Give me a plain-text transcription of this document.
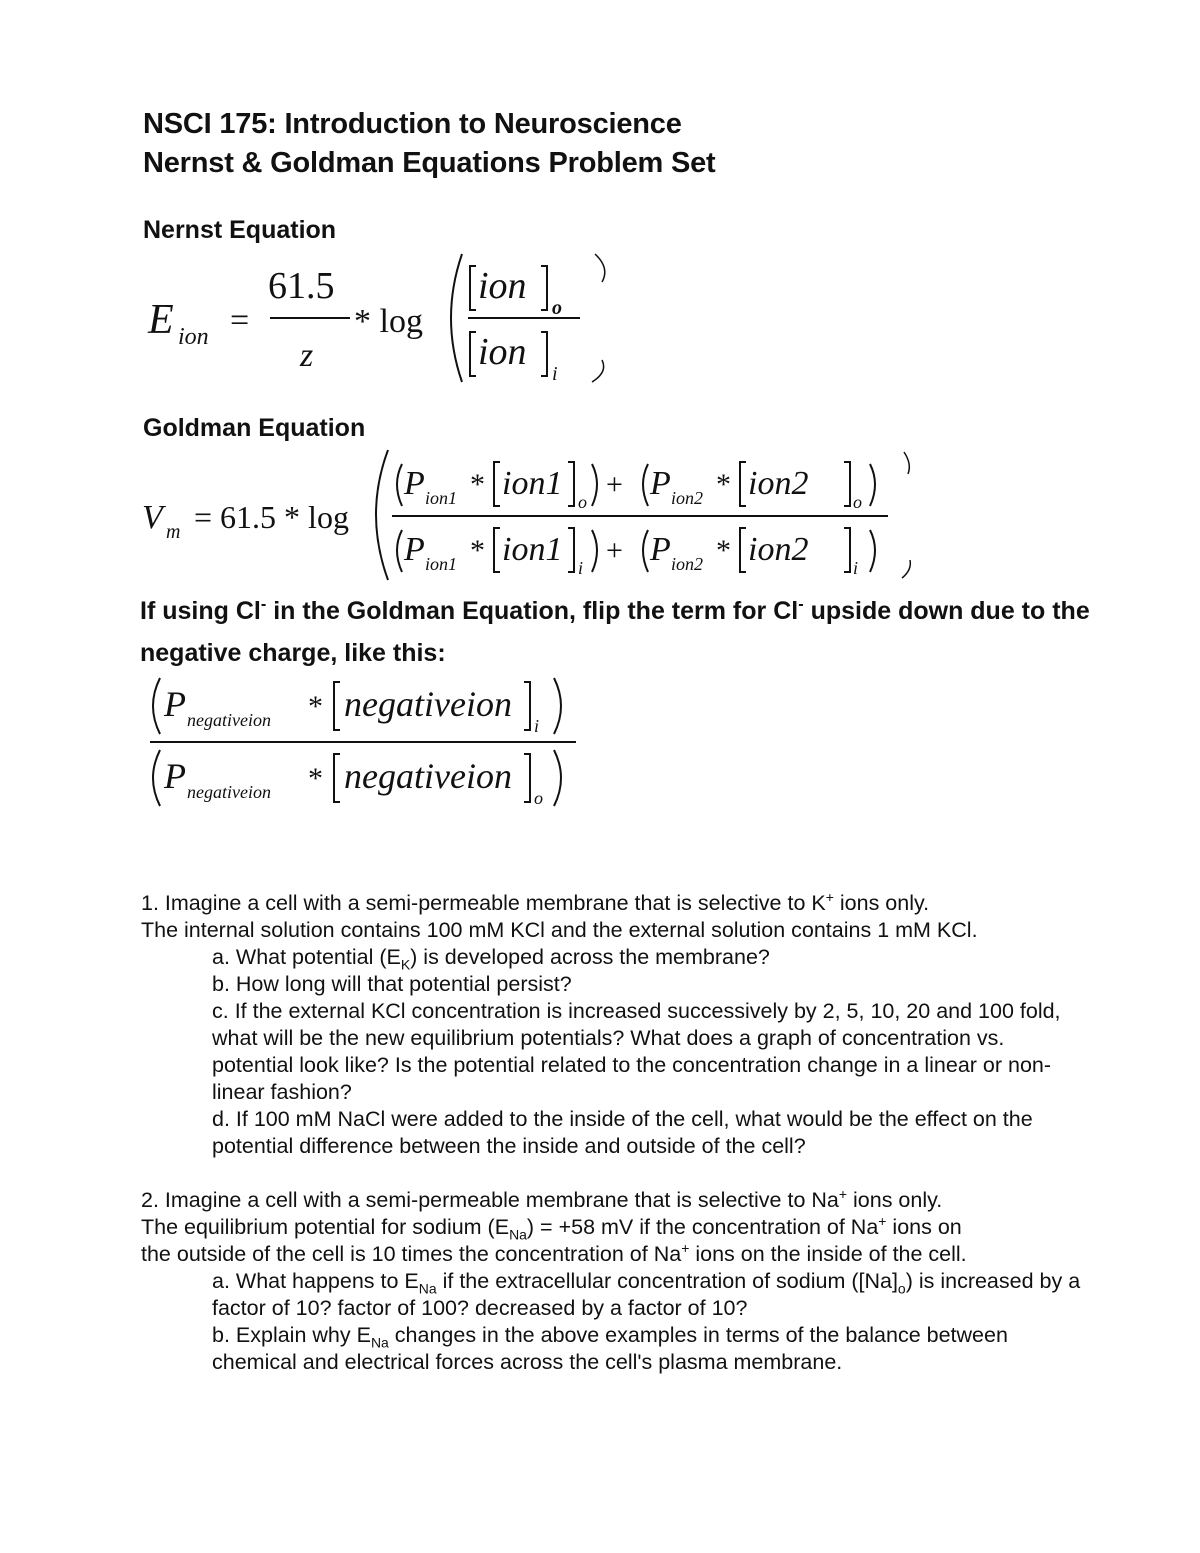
NSCI 175: Introduction to Neuroscience
Nernst & Goldman Equations Problem Set
Nernst Equation
E ion =
61.5
z
* log
ion
o
ion
i
Goldman Equation
V m = 61.5 * log
P ion1 * ion1 o
+ P ion2 * ion2 o
P ion1 * ion1 i
+ P ion2 * ion2 i
If using Cl- in the Goldman Equation, flip the term for Cl- upside down due to the negative charge, like this:
P negativeion * negativeion
i
P negativeion * negativeion
o

1. Imagine a cell with a semi-permeable membrane that is selective to K+ ions only.

The internal solution contains 100 mM KCl and the external solution contains 1 mM KCl.

a. What potential $(E_K)$ is developed across the membrane?

b. How long will that potential persist?

c. If the external KCl concentration is increased successively by 2, 5, 10, 20 and 100 fold, what will be the new equilibrium potentials? What does a graph of concentration vs. potential look like? Is the potential related to the concentration change in a linear or non-linear fashion?

d. If 100 mM NaCl were added to the inside of the cell, what would be the effect on the potential difference between the inside and outside of the cell?

2. Imagine a cell with a semi-permeable membrane that is selective to Na+ ions only.

The equilibrium potential for sodium $(E_{Na}) = +58$ mV if the concentration of Na+ ions on

the outside of the cell is 10 times the concentration of Na+ ions on the inside of the cell.

a. What happens to $E_{Na}$ if the extracellular concentration of sodium $([Na]_o)$ is increased by a factor of 10? factor of 100? decreased by a factor of 10?

b. Explain why $E_{Na}$ changes in the above examples in terms of the balance between chemical and electrical forces across the cell's plasma membrane.
